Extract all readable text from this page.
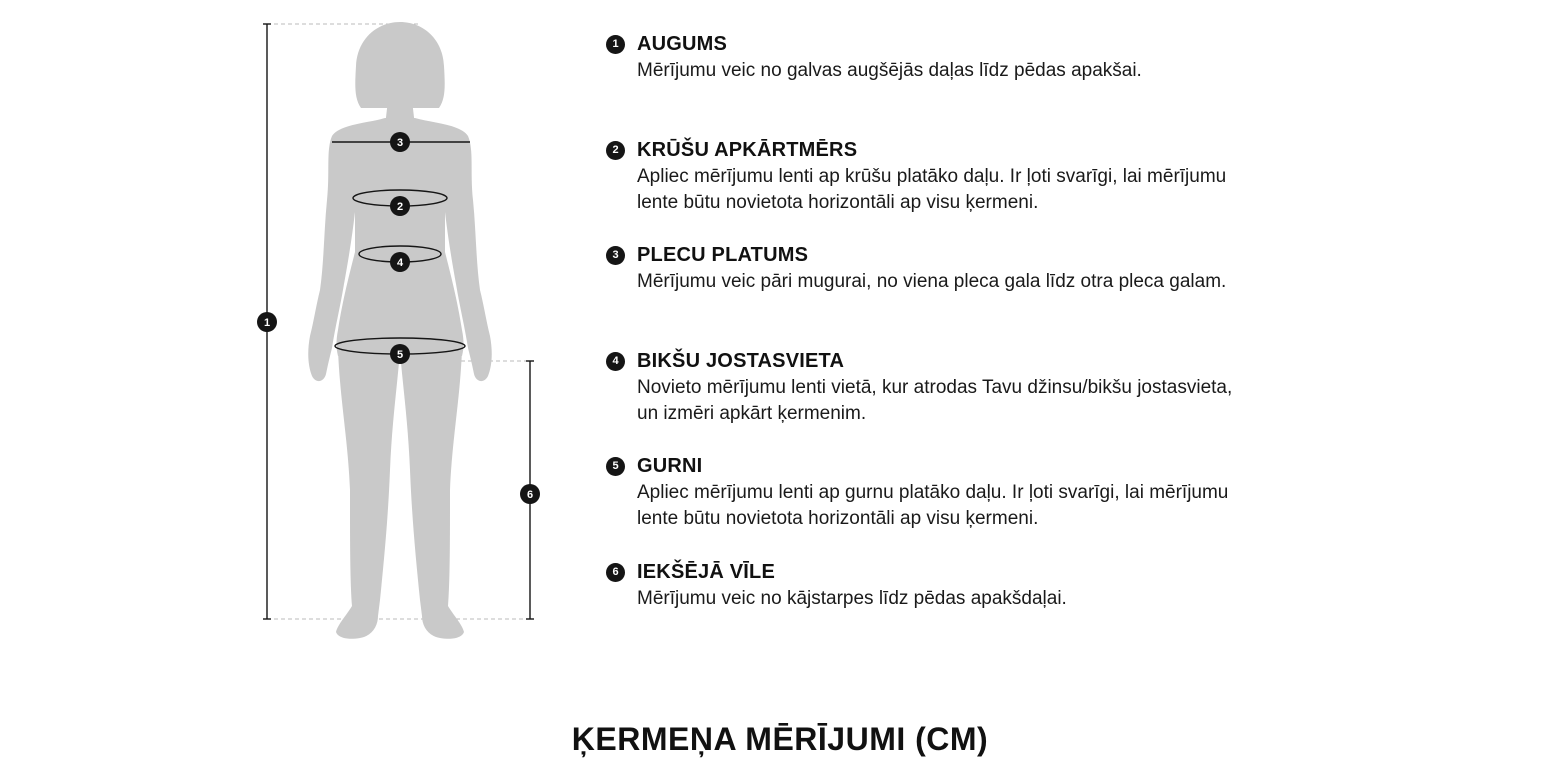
1
2
3
4
5
6
1 AUGUMS
Mērījumu veic no galvas augšējās daļas līdz pēdas apakšai.
2 KRŪŠU APKĀRTMĒRS
Apliec mērījumu lenti ap krūšu platāko daļu. Ir ļoti svarīgi, lai mērījumu lente būtu novietota horizontāli ap visu ķermeni.
3 PLECU PLATUMS
Mērījumu veic pāri mugurai, no viena pleca gala līdz otra pleca galam.
4 BIKŠU JOSTASVIETA
Novieto mērījumu lenti vietā, kur atrodas Tavu džinsu/bikšu jostasvieta, un izmēri apkārt ķermenim.
5 GURNI
Apliec mērījumu lenti ap gurnu platāko daļu. Ir ļoti svarīgi, lai mērījumu lente būtu novietota horizontāli ap visu ķermeni.
6 IEKŠĒJĀ VĪLE
Mērījumu veic no kājstarpes līdz pēdas apakšdaļai.
ĶERMEŅA MĒRĪJUMI (CM)
